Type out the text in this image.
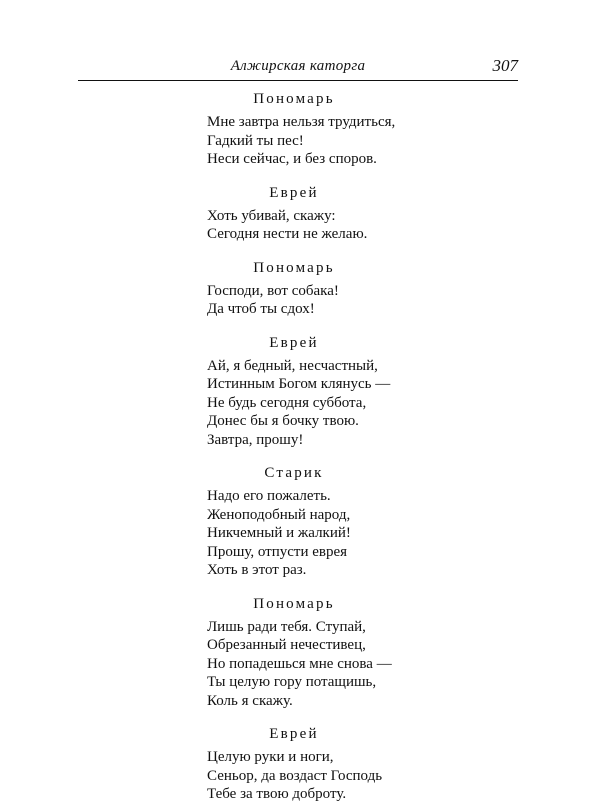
Алжирская каторга	307
Пономарь
Мне завтра нельзя трудиться,
Гадкий ты пес!
Неси сейчас, и без споров.
Еврей
Хоть убивай, скажу:
Сегодня нести не желаю.
Пономарь
Господи, вот собака!
Да чтоб ты сдох!
Еврей
Ай, я бедный, несчастный,
Истинным Богом клянусь —
Не будь сегодня суббота,
Донес бы я бочку твою.
Завтра, прошу!
Старик
Надо его пожалеть.
Женоподобный народ,
Никчемный и жалкий!
Прошу, отпусти еврея
Хоть в этот раз.
Пономарь
Лишь ради тебя. Ступай,
Обрезанный нечестивец,
Но попадешься мне снова —
Ты целую гору потащишь,
Коль я скажу.
Еврей
Целую руки и ноги,
Сеньор, да воздаст Господь
Тебе за твою доброту.
